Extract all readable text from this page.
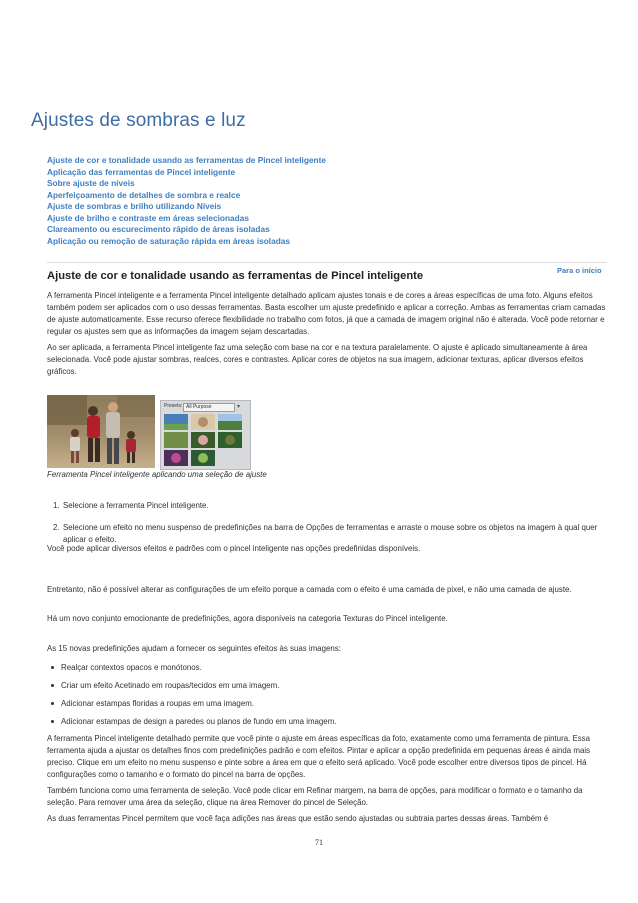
Ajustes de sombras e luz
Ajuste de cor e tonalidade usando as ferramentas de Pincel inteligente
Aplicação das ferramentas de Pincel inteligente
Sobre ajuste de níveis
Aperfeiçoamento de detalhes de sombra e realce
Ajuste de sombras e brilho utilizando Níveis
Ajuste de brilho e contraste em áreas selecionadas
Clareamento ou escurecimento rápido de áreas isoladas
Aplicação ou remoção de saturação rápida em áreas isoladas
Para o início
Ajuste de cor e tonalidade usando as ferramentas de Pincel inteligente

A ferramenta Pincel inteligente e a ferramenta Pincel inteligente detalhado aplicam ajustes tonais e de cores a áreas específicas de uma foto. Alguns efeitos também podem ser aplicados com o uso dessas ferramentas. Basta escolher um ajuste predefinido e aplicar a correção. Ambas as ferramentas criam camadas de ajuste automaticamente. Esse recurso oferece flexibilidade no trabalho com fotos, já que a camada de imagem original não é alterada. Você pode retornar e regular os ajustes sem que as informações da imagem sejam descartadas.

Ao ser aplicada, a ferramenta Pincel inteligente faz uma seleção com base na cor e na textura paralelamente. O ajuste é aplicado simultaneamente à área selecionada. Você pode ajustar sombras, realces, cores e contrastes. Aplicar cores de objetos na sua imagem, adicionar texturas, aplicar diversos efeitos gráficos.

Presets: All Purpose	▾
Ferramenta Pincel inteligente aplicando uma seleção de ajuste
1. Selecione a ferramenta Pincel inteligente.
2. Selecione um efeito no menu suspenso de predefinições na barra de Opções de ferramentas e arraste o mouse sobre os objetos na imagem à qual quer aplicar o efeito.

Você pode aplicar diversos efeitos e padrões com o pincel inteligente nas opções predefinidas disponíveis.

Entretanto, não é possível alterar as configurações de um efeito porque a camada com o efeito é uma camada de pixel, e não uma camada de ajuste.

Há um novo conjunto emocionante de predefinições, agora disponíveis na categoria Texturas do Pincel inteligente.

As 15 novas predefinições ajudam a fornecer os seguintes efeitos às suas imagens:

Realçar contextos opacos e monótonos.
Criar um efeito Acetinado em roupas/tecidos em uma imagem.
Adicionar estampas floridas a roupas em uma imagem.
Adicionar estampas de design a paredes ou planos de fundo em uma imagem.

A ferramenta Pincel inteligente detalhado permite que você pinte o ajuste em áreas específicas da foto, exatamente como uma ferramenta de pintura. Essa ferramenta ajuda a ajustar os detalhes finos com predefinições padrão e com efeitos. Pintar e aplicar a opção predefinida em pequenas áreas é ainda mais preciso. Clique em um efeito no menu suspenso e pinte sobre a área em que o efeito será aplicado. Você pode escolher entre diversos tipos de pincel. Há configurações como o tamanho e o formato do pincel na barra de opções.

Também funciona como uma ferramenta de seleção. Você pode clicar em Refinar margem, na barra de opções, para modificar o formato e o tamanho da seleção. Para remover uma área da seleção, clique na área Remover do pincel de Seleção.

As duas ferramentas Pincel permitem que você faça adições nas áreas que estão sendo ajustadas ou subtraia partes dessas áreas. Também é

71
